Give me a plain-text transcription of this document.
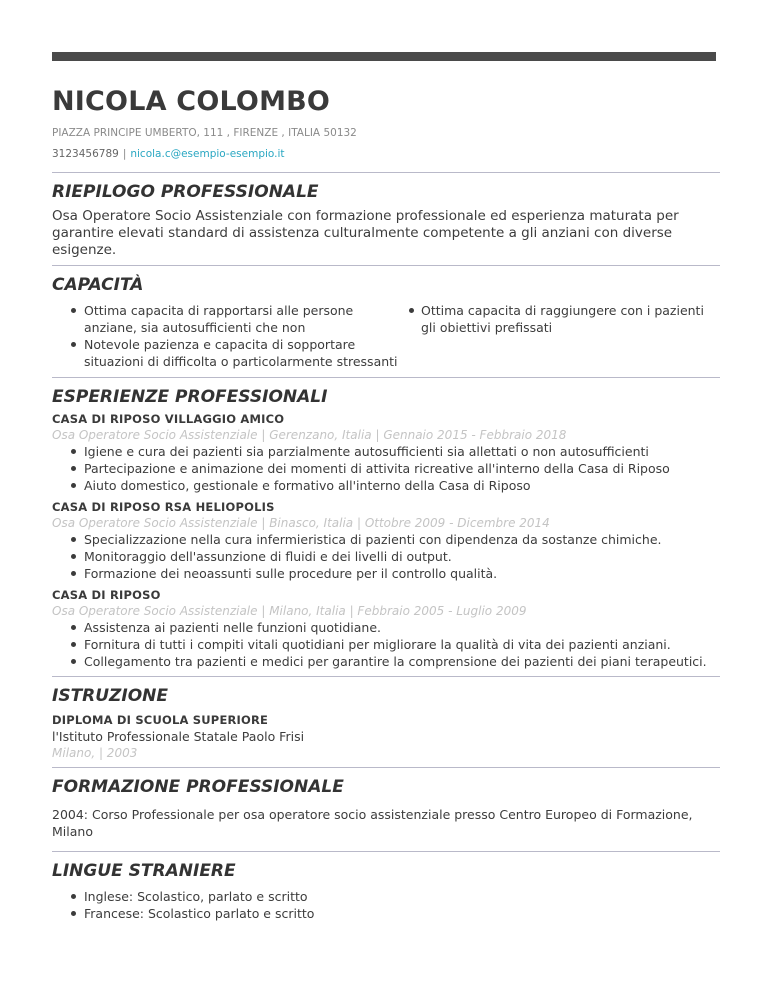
NICOLA COLOMBO
PIAZZA PRINCIPE UMBERTO, 111 , FIRENZE , ITALIA 50132
3123456789 | nicola.c@esempio-esempio.it
RIEPILOGO PROFESSIONALE
Osa Operatore Socio Assistenziale con formazione professionale ed esperienza maturata per garantire elevati standard di assistenza culturalmente competente a gli anziani con diverse esigenze.
CAPACITÀ
Ottima capacita di rapportarsi alle persone anziane, sia autosufficienti che non
Notevole pazienza e capacita di sopportare situazioni di difficolta o particolarmente stressanti
Ottima capacita di raggiungere con i pazienti gli obiettivi prefissati
ESPERIENZE PROFESSIONALI
CASA DI RIPOSO VILLAGGIO AMICO
Osa Operatore Socio Assistenziale | Gerenzano, Italia | Gennaio 2015 - Febbraio 2018
Igiene e cura dei pazienti sia parzialmente autosufficienti sia allettati o non autosufficienti
Partecipazione e animazione dei momenti di attivita ricreative all'interno della Casa di Riposo
Aiuto domestico, gestionale e formativo all'interno della Casa di Riposo
CASA DI RIPOSO RSA HELIOPOLIS
Osa Operatore Socio Assistenziale | Binasco, Italia | Ottobre 2009 - Dicembre 2014
Specializzazione nella cura infermieristica di pazienti con dipendenza da sostanze chimiche.
Monitoraggio dell'assunzione di fluidi e dei livelli di output.
Formazione dei neoassunti sulle procedure per il controllo qualità.
CASA DI RIPOSO
Osa Operatore Socio Assistenziale | Milano, Italia | Febbraio 2005 - Luglio 2009
Assistenza ai pazienti nelle funzioni quotidiane.
Fornitura di tutti i compiti vitali quotidiani per migliorare la qualità di vita dei pazienti anziani.
Collegamento tra pazienti e medici per garantire la comprensione dei pazienti dei piani terapeutici.
ISTRUZIONE
DIPLOMA DI SCUOLA SUPERIORE
l'Istituto Professionale Statale Paolo Frisi
Milano, | 2003
FORMAZIONE PROFESSIONALE
2004: Corso Professionale per osa operatore socio assistenziale presso Centro Europeo di Formazione, Milano
LINGUE STRANIERE
Inglese: Scolastico, parlato e scritto
Francese: Scolastico parlato e scritto
